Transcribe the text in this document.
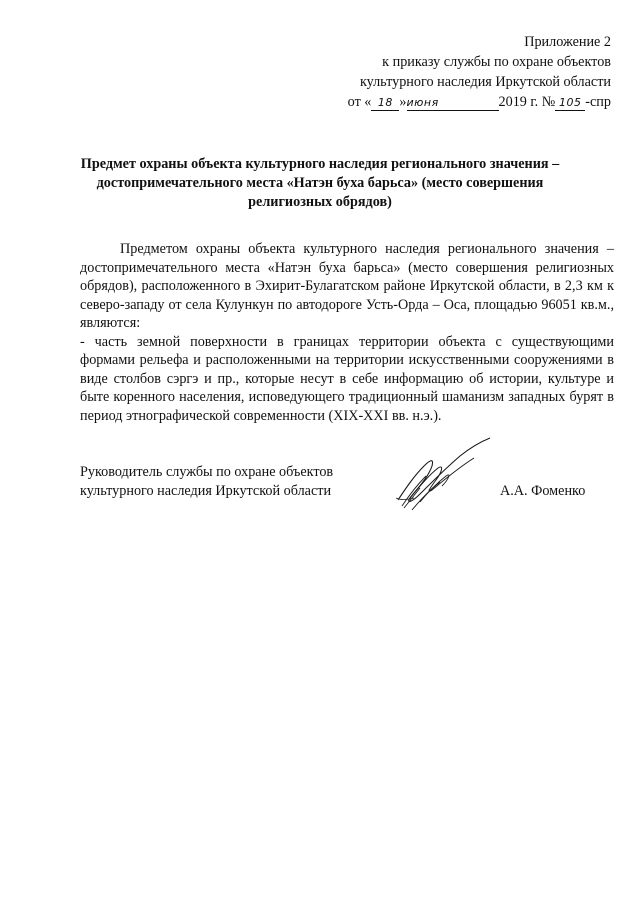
Приложение 2
к приказу службы по охране объектов
культурного наследия Иркутской области
от « 18 »июня	2019 г. № 105 -спр
Предмет охраны объекта культурного наследия регионального значения –
достопримечательного места «Натэн буха барьса» (место совершения
религиозных обрядов)

Предметом охраны объекта культурного наследия регионального значения – достопримечательного места «Натэн буха барьса» (место совершения религиозных обрядов), расположенного в Эхирит-Булагатском районе Иркутской области, в 2,3 км к северо-западу от села Кулункун по автодороге Усть-Орда – Оса, площадью 96051 кв.м., являются:

- часть земной поверхности в границах территории объекта с существующими формами рельефа и расположенными на территории искусственными сооружениями в виде столбов сэргэ и пр., которые несут в себе информацию об истории, культуре и быте коренного населения, исповедующего традиционный шаманизм западных бурят в период этнографической современности (XIX-XXI вв. н.э.).

Руководитель службы по охране объектов
культурного наследия Иркутской области	А.А. Фоменко
